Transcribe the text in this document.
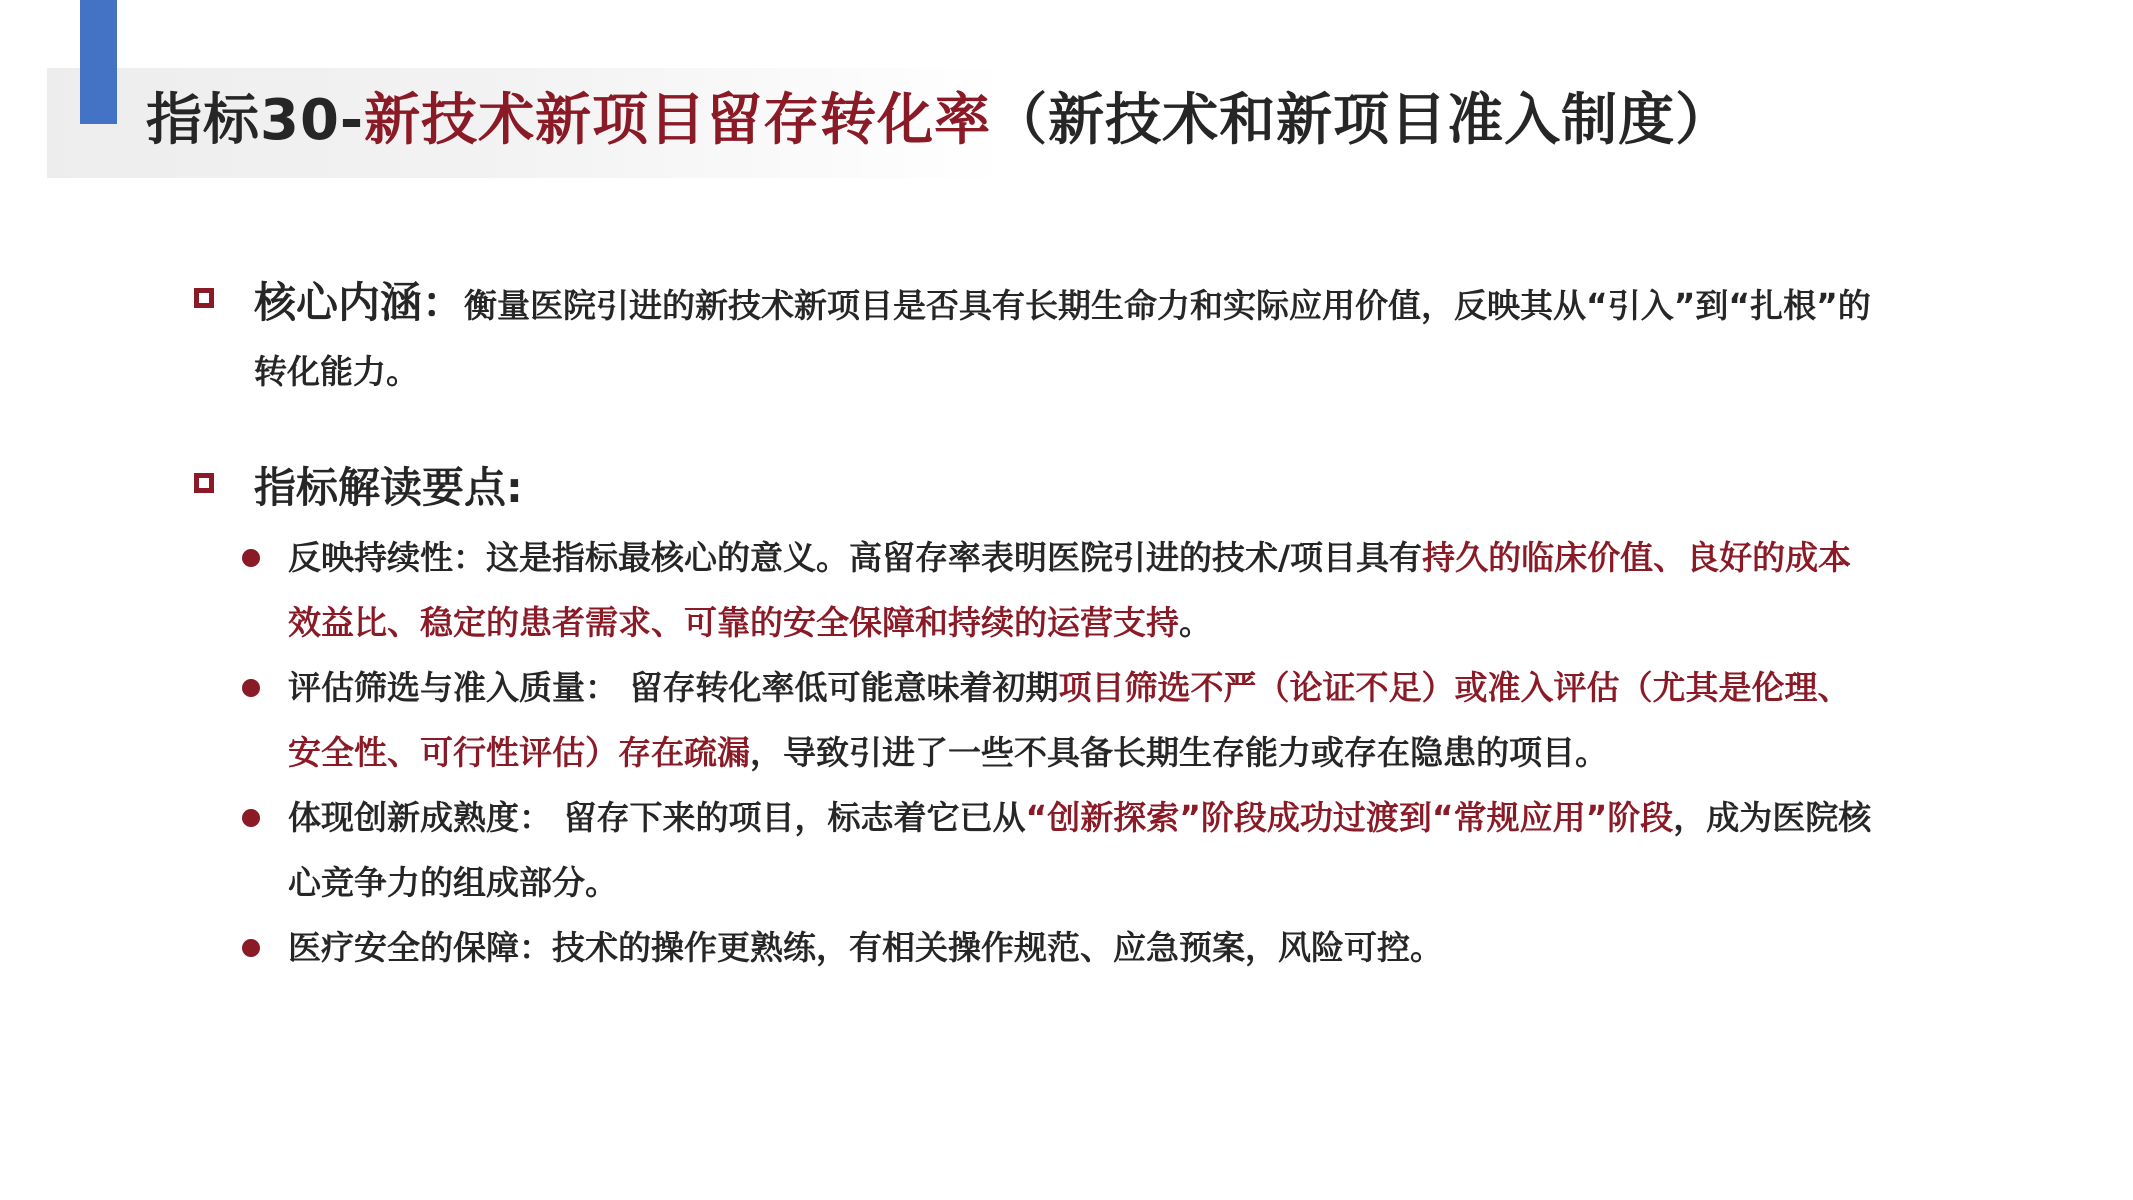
指标30-新技术新项目留存转化率（新技术和新项目准入制度）
核心内涵：衡量医院引进的新技术新项目是否具有长期生命力和实际应用价值，反映其从“引入”到“扎根”的转化能力。
指标解读要点:
反映持续性：这是指标最核心的意义。高留存率表明医院引进的技术/项目具有持久的临床价值、良好的成本效益比、稳定的患者需求、可靠的安全保障和持续的运营支持。
评估筛选与准入质量： 留存转化率低可能意味着初期项目筛选不严（论证不足）或准入评估（尤其是伦理、安全性、可行性评估）存在疏漏，导致引进了一些不具备长期生存能力或存在隐患的项目。
体现创新成熟度： 留存下来的项目，标志着它已从“创新探索”阶段成功过渡到“常规应用”阶段，成为医院核心竞争力的组成部分。
医疗安全的保障：技术的操作更熟练，有相关操作规范、应急预案，风险可控。
